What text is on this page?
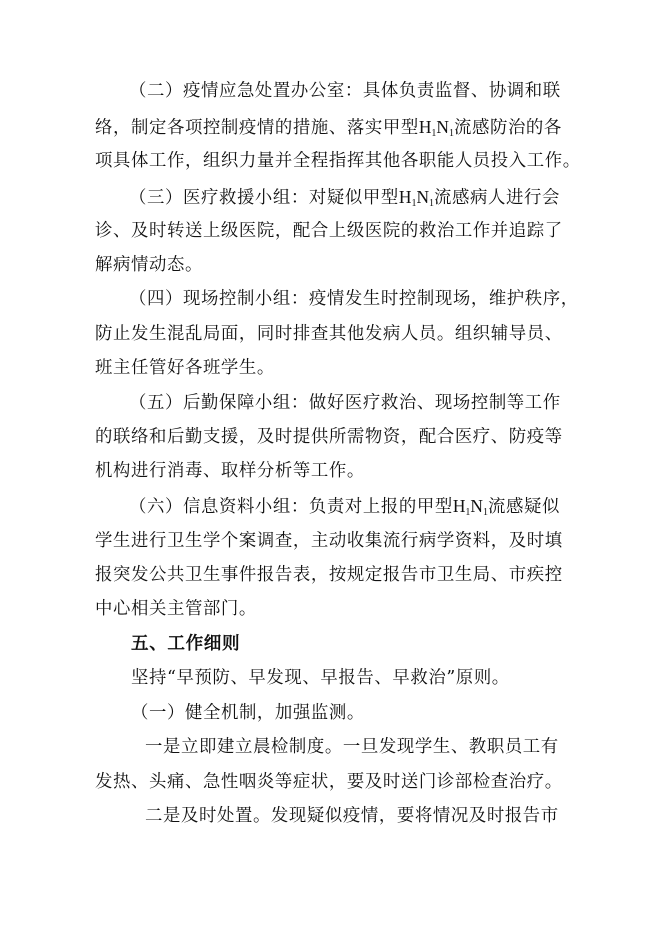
（二）疫情应急处置办公室：具体负责监督、协调和联
络，制定各项控制疫情的措施、落实甲型$H_1N_1$流感防治的各
项具体工作，组织力量并全程指挥其他各职能人员投入工作。
（三）医疗救援小组：对疑似甲型$H_1N_1$流感病人进行会
诊、及时转送上级医院，配合上级医院的救治工作并追踪了
解病情动态。
（四）现场控制小组：疫情发生时控制现场，维护秩序，
防止发生混乱局面，同时排查其他发病人员。组织辅导员、
班主任管好各班学生。
（五）后勤保障小组：做好医疗救治、现场控制等工作
的联络和后勤支援，及时提供所需物资，配合医疗、防疫等
机构进行消毒、取样分析等工作。
（六）信息资料小组：负责对上报的甲型$H_1N_1$流感疑似
学生进行卫生学个案调查，主动收集流行病学资料，及时填
报突发公共卫生事件报告表，按规定报告市卫生局、市疾控
中心相关主管部门。
五、工作细则
坚持“早预防、早发现、早报告、早救治”原则。
（一）健全机制，加强监测。
一是立即建立晨检制度。一旦发现学生、教职员工有
发热、头痛、急性咽炎等症状，要及时送门诊部检查治疗。
二是及时处置。发现疑似疫情，要将情况及时报告市
